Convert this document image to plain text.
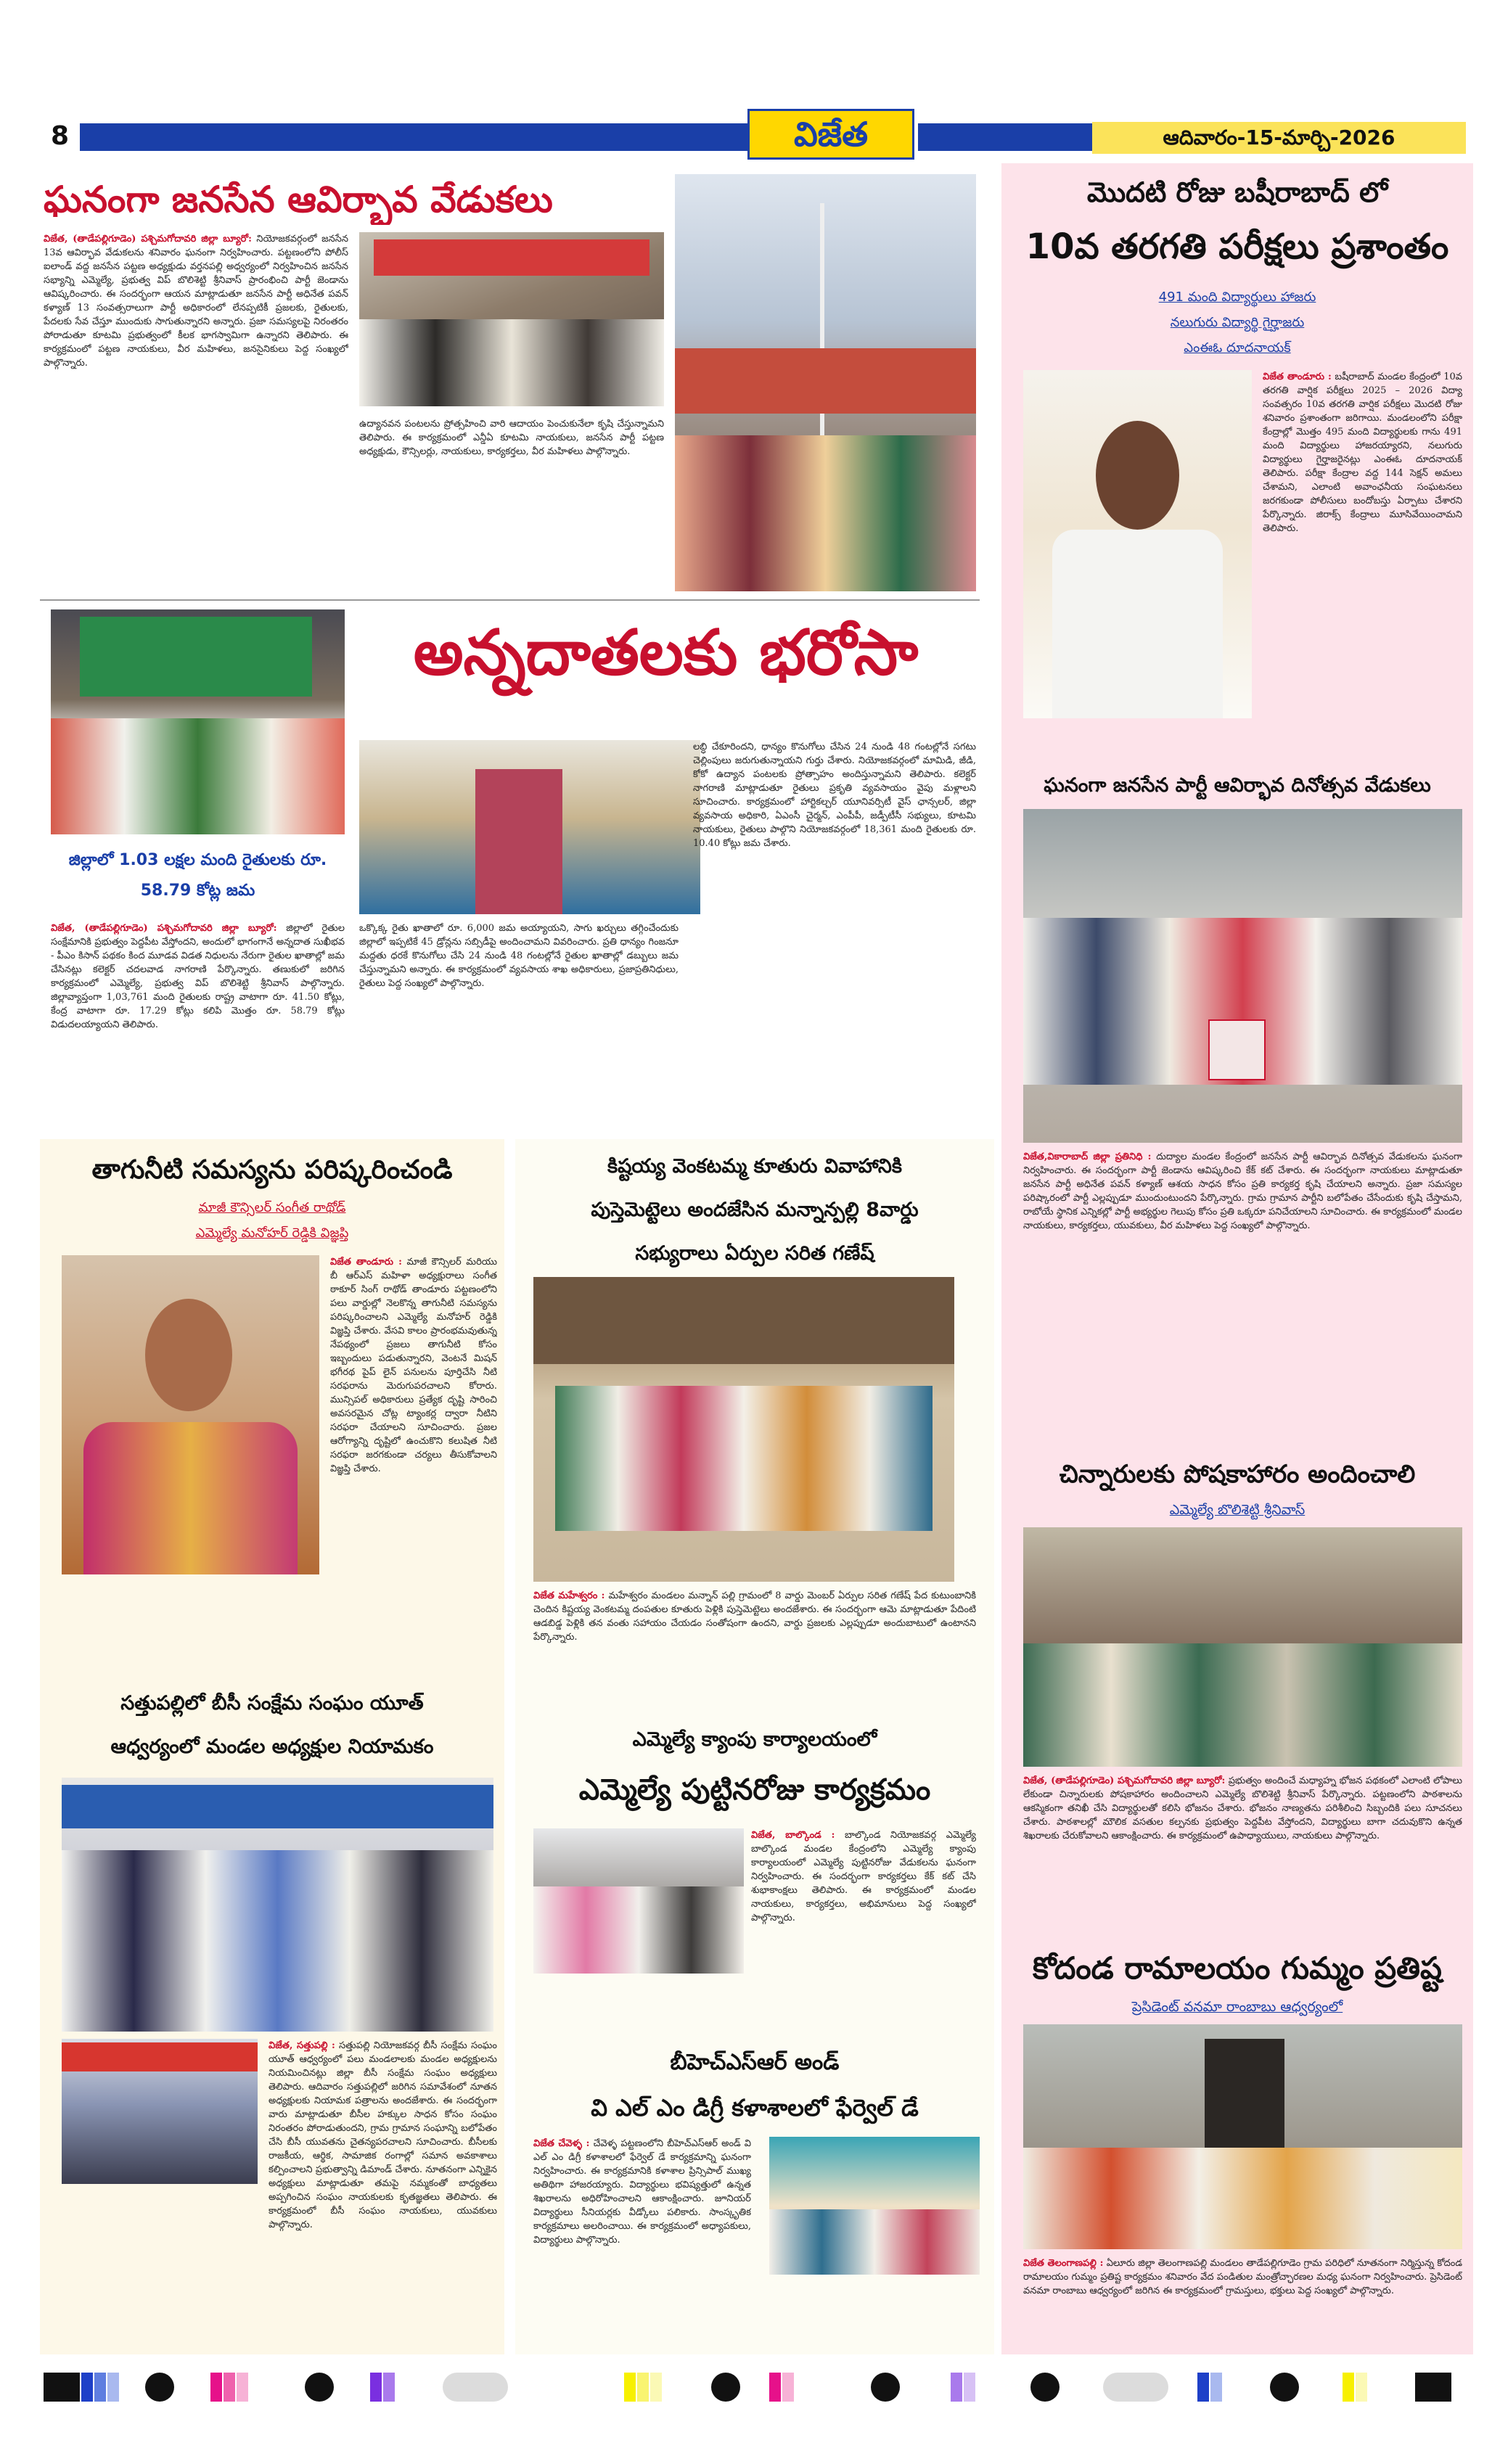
8	విజేత	ఆదివారం-15-మార్చి-2026
ఘనంగా జనసేన ఆవిర్భావ వేడుకలు
విజేత, (తాడేపల్లిగూడెం) పశ్చిమగోదావరి జిల్లా బ్యూరో: నియోజకవర్గంలో జనసేన 13వ ఆవిర్భావ వేడుకలను శనివారం ఘనంగా నిర్వహించారు. పట్టణంలోని పోలీస్ ఐలాండ్ వద్ద జనసేన పట్టణ అధ్యక్షుడు వర్తనపల్లి అధ్వర్యంలో నిర్వహించిన జనసేన సభ్యాన్ని ఎమ్మెల్యే, ప్రభుత్వ విప్ బొలిశెట్టి శ్రీనివాస్ ప్రారంభించి పార్టీ జెండాను ఆవిష్కరించారు. ఈ సందర్భంగా ఆయన మాట్లాడుతూ జనసేన పార్టీ అధినేత పవన్ కళ్యాణ్ 13 సంవత్సరాలుగా పార్టీ అధికారంలో లేనప్పటికీ ప్రజలకు, రైతులకు, పేదలకు సేవ చేస్తూ ముందుకు సాగుతున్నారని అన్నారు. ప్రజా సమస్యలపై నిరంతరం పోరాడుతూ కూటమి ప్రభుత్వంలో కీలక భాగస్వామిగా ఉన్నారని తెలిపారు. ఈ కార్యక్రమంలో పట్టణ నాయకులు, వీర మహిళలు, జనసైనికులు పెద్ద సంఖ్యలో పాల్గొన్నారు.
ఉద్యానవన పంటలను ప్రోత్సహించి వారి ఆదాయం పెంచుకునేలా కృషి చేస్తున్నామని తెలిపారు. ఈ కార్యక్రమంలో ఎన్డీఏ కూటమి నాయకులు, జనసేన పార్టీ పట్టణ అధ్యక్షుడు, కౌన్సిలర్లు, నాయకులు, కార్యకర్తలు, వీర మహిళలు పాల్గొన్నారు.
జిల్లాలో 1.03 లక్షల మంది రైతులకు రూ. 58.79 కోట్ల జమ
అన్నదాతలకు భరోసా
విజేత, (తాడేపల్లిగూడెం) పశ్చిమగోదావరి జిల్లా బ్యూరో: జిల్లాలో రైతుల సంక్షేమానికి ప్రభుత్వం పెద్దపీట వేస్తోందని, అందులో భాగంగానే అన్నదాత సుఖీభవ - పీఎం కిసాన్ పథకం కింద మూడవ విడత నిధులను నేరుగా రైతుల ఖాతాల్లో జమ చేసినట్లు కలెక్టర్ చదలవాడ నాగరాణి పేర్కొన్నారు. తణుకులో జరిగిన కార్యక్రమంలో ఎమ్మెల్యే, ప్రభుత్వ విప్ బొలిశెట్టి శ్రీనివాస్ పాల్గొన్నారు. జిల్లావ్యాప్తంగా 1,03,761 మంది రైతులకు రాష్ట్ర వాటాగా రూ. 41.50 కోట్లు, కేంద్ర వాటాగా రూ. 17.29 కోట్లు కలిపి మొత్తం రూ. 58.79 కోట్లు విడుదలయ్యాయని తెలిపారు.
ఒక్కొక్క రైతు ఖాతాలో రూ. 6,000 జమ అయ్యాయని, సాగు ఖర్చులు తగ్గించేందుకు జిల్లాలో ఇప్పటికే 45 డ్రోన్లను సబ్సిడీపై అందించామని వివరించారు. ప్రతి ధాన్యం గింజనూ మద్దతు ధరకే కొనుగోలు చేసి 24 నుండి 48 గంటల్లోనే రైతుల ఖాతాల్లో డబ్బులు జమ చేస్తున్నామని అన్నారు. ఈ కార్యక్రమంలో వ్యవసాయ శాఖ అధికారులు, ప్రజాప్రతినిధులు, రైతులు పెద్ద సంఖ్యలో పాల్గొన్నారు.
లబ్ధి చేకూరిందని, ధాన్యం కొనుగోలు చేసిన 24 నుండి 48 గంటల్లోనే సగటు చెల్లింపులు జరుగుతున్నాయని గుర్తు చేశారు. నియోజకవర్గంలో మామిడి, జీడి, కోకో ఉద్యాన పంటలకు ప్రోత్సాహం అందిస్తున్నామని తెలిపారు. కలెక్టర్ నాగరాణి మాట్లాడుతూ రైతులు ప్రకృతి వ్యవసాయం వైపు మళ్లాలని సూచించారు. కార్యక్రమంలో హార్టికల్చర్ యూనివర్సిటీ వైస్ ఛాన్సలర్, జిల్లా వ్యవసాయ అధికారి, ఏఎంసీ చైర్మన్, ఎంపీపీ, జడ్పీటీసీ సభ్యులు, కూటమి నాయకులు, రైతులు పాల్గొని నియోజకవర్గంలో 18,361 మంది రైతులకు రూ. 10.40 కోట్లు జమ చేశారు.
మొదటి రోజు బషీరాబాద్ లో
10వ తరగతి పరీక్షలు ప్రశాంతం
491 మంది విద్యార్థులు హాజరు
నలుగురు విద్యార్థి గైర్హాజరు
ఎంఈఓ దూదనాయక్
విజేత తాండూరు : బషీరాబాద్ మండల కేంద్రంలో 10వ తరగతి వార్షిక పరీక్షలు 2025 – 2026 విద్యా సంవత్సరం 10వ తరగతి వార్షిక పరీక్షలు మొదటి రోజు శనివారం ప్రశాంతంగా జరిగాయి. మండలంలోని పరీక్షా కేంద్రాల్లో మొత్తం 495 మంది విద్యార్థులకు గాను 491 మంది విద్యార్థులు హాజరయ్యారని, నలుగురు విద్యార్థులు గైర్హాజరైనట్లు ఎంఈఓ దూదనాయక్ తెలిపారు. పరీక్షా కేంద్రాల వద్ద 144 సెక్షన్ అమలు చేశామని, ఎలాంటి అవాంఛనీయ సంఘటనలు జరగకుండా పోలీసులు బందోబస్తు ఏర్పాటు చేశారని పేర్కొన్నారు. జిరాక్స్ కేంద్రాలు మూసివేయించామని తెలిపారు.
ఘనంగా జనసేన పార్టీ ఆవిర్భావ దినోత్సవ వేడుకలు
విజేత,వికారాబాద్ జిల్లా ప్రతినిధి : దుద్యాల మండల కేంద్రంలో జనసేన పార్టీ ఆవిర్భావ దినోత్సవ వేడుకలను ఘనంగా నిర్వహించారు. ఈ సందర్భంగా పార్టీ జెండాను ఆవిష్కరించి కేక్ కట్ చేశారు. ఈ సందర్భంగా నాయకులు మాట్లాడుతూ జనసేన పార్టీ అధినేత పవన్ కళ్యాణ్ ఆశయ సాధన కోసం ప్రతి కార్యకర్త కృషి చేయాలని అన్నారు. ప్రజా సమస్యల పరిష్కారంలో పార్టీ ఎల్లప్పుడూ ముందుంటుందని పేర్కొన్నారు. గ్రామ గ్రామాన పార్టీని బలోపేతం చేసేందుకు కృషి చేస్తామని, రాబోయే స్థానిక ఎన్నికల్లో పార్టీ అభ్యర్థుల గెలుపు కోసం ప్రతి ఒక్కరూ పనిచేయాలని సూచించారు. ఈ కార్యక్రమంలో మండల నాయకులు, కార్యకర్తలు, యువకులు, వీర మహిళలు పెద్ద సంఖ్యలో పాల్గొన్నారు.
చిన్నారులకు పోషకాహారం అందించాలి
ఎమ్మెల్యే బొలిశెట్టి శ్రీనివాస్
విజేత, (తాడేపల్లిగూడెం) పశ్చిమగోదావరి జిల్లా బ్యూరో: ప్రభుత్వం అందించే మధ్యాహ్న భోజన పథకంలో ఎలాంటి లోపాలు లేకుండా చిన్నారులకు పోషకాహారం అందించాలని ఎమ్మెల్యే బొలిశెట్టి శ్రీనివాస్ పేర్కొన్నారు. పట్టణంలోని పాఠశాలను ఆకస్మికంగా తనిఖీ చేసి విద్యార్థులతో కలిసి భోజనం చేశారు. భోజనం నాణ్యతను పరిశీలించి సిబ్బందికి పలు సూచనలు చేశారు. పాఠశాలల్లో మౌలిక వసతుల కల్పనకు ప్రభుత్వం పెద్దపీట వేస్తోందని, విద్యార్థులు బాగా చదువుకొని ఉన్నత శిఖరాలకు చేరుకోవాలని ఆకాంక్షించారు. ఈ కార్యక్రమంలో ఉపాధ్యాయులు, నాయకులు పాల్గొన్నారు.
కోదండ రామాలయం గుమ్మం ప్రతిష్ట
ప్రెసిడెంట్ వనమా రాంబాబు ఆధ్వర్యంలో
విజేత తెలంగాణపల్లి : ఏలూరు జిల్లా తెలంగాణపల్లి మండలం తాడేపల్లిగూడెం గ్రామ పరిధిలో నూతనంగా నిర్మిస్తున్న కోదండ రామాలయం గుమ్మం ప్రతిష్ట కార్యక్రమం శనివారం వేద పండితుల మంత్రోచ్ఛారణల మధ్య ఘనంగా నిర్వహించారు. ప్రెసిడెంట్ వనమా రాంబాబు ఆధ్వర్యంలో జరిగిన ఈ కార్యక్రమంలో గ్రామస్తులు, భక్తులు పెద్ద సంఖ్యలో పాల్గొన్నారు.
తాగునీటి సమస్యను పరిష్కరించండి
మాజీ కౌన్సిలర్ సంగీత రాథోడ్
ఎమ్మెల్యే మనోహర్ రెడ్డికి విజ్ఞప్తి
విజేత తాండూరు : మాజీ కౌన్సిలర్ మరియు బీ ఆర్ఎస్ మహిళా అధ్యక్షురాలు సంగీత ఠాకూర్ సింగ్ రాథోడ్ తాండూరు పట్టణంలోని పలు వార్డుల్లో నెలకొన్న తాగునీటి సమస్యను పరిష్కరించాలని ఎమ్మెల్యే మనోహర్ రెడ్డికి విజ్ఞప్తి చేశారు. వేసవి కాలం ప్రారంభమవుతున్న నేపథ్యంలో ప్రజలు తాగునీటి కోసం ఇబ్బందులు పడుతున్నారని, వెంటనే మిషన్ భగీరథ పైప్ లైన్ పనులను పూర్తిచేసి నీటి సరఫరాను మెరుగుపరచాలని కోరారు. మున్సిపల్ అధికారులు ప్రత్యేక దృష్టి సారించి అవసరమైన చోట్ల ట్యాంకర్ల ద్వారా నీటిని సరఫరా చేయాలని సూచించారు. ప్రజల ఆరోగ్యాన్ని దృష్టిలో ఉంచుకొని కలుషిత నీటి సరఫరా జరగకుండా చర్యలు తీసుకోవాలని విజ్ఞప్తి చేశారు.
సత్తుపల్లిలో బీసీ సంక్షేమ సంఘం యూత్
ఆధ్వర్యంలో మండల అధ్యక్షుల నియామకం
విజేత, సత్తుపల్లి : సత్తుపల్లి నియోజకవర్గ బీసీ సంక్షేమ సంఘం యూత్ ఆధ్వర్యంలో పలు మండలాలకు మండల అధ్యక్షులను నియమించినట్లు జిల్లా బీసీ సంక్షేమ సంఘం అధ్యక్షులు తెలిపారు. ఆదివారం సత్తుపల్లిలో జరిగిన సమావేశంలో నూతన అధ్యక్షులకు నియామక పత్రాలను అందజేశారు. ఈ సందర్భంగా వారు మాట్లాడుతూ బీసీల హక్కుల సాధన కోసం సంఘం నిరంతరం పోరాడుతుందని, గ్రామ గ్రామాన సంఘాన్ని బలోపేతం చేసి బీసీ యువతను చైతన్యపరచాలని సూచించారు. బీసీలకు రాజకీయ, ఆర్థిక, సామాజిక రంగాల్లో సమాన అవకాశాలు కల్పించాలని ప్రభుత్వాన్ని డిమాండ్ చేశారు. నూతనంగా ఎన్నికైన అధ్యక్షులు మాట్లాడుతూ తమపై నమ్మకంతో బాధ్యతలు అప్పగించిన సంఘం నాయకులకు కృతజ్ఞతలు తెలిపారు. ఈ కార్యక్రమంలో బీసీ సంఘం నాయకులు, యువకులు పాల్గొన్నారు.
కిష్టయ్య వెంకటమ్మ కూతురు వివాహానికి
పుస్తెమెట్టెలు అందజేసిన మన్నాన్పల్లి 8వార్డు
సభ్యురాలు ఏర్పుల సరిత గణేష్
విజేత మహేశ్వరం : మహేశ్వరం మండలం మన్నాన్ పల్లి గ్రామంలో 8 వార్డు మెంబర్ ఏర్పుల సరిత గణేష్ పేద కుటుంబానికి చెందిన కిష్టయ్య వెంకటమ్మ దంపతుల కూతురు పెళ్లికి పుస్తెమెట్టెలు అందజేశారు. ఈ సందర్భంగా ఆమె మాట్లాడుతూ పేదింటి ఆడబిడ్డ పెళ్లికి తన వంతు సహాయం చేయడం సంతోషంగా ఉందని, వార్డు ప్రజలకు ఎల్లప్పుడూ అందుబాటులో ఉంటానని పేర్కొన్నారు.
ఎమ్మెల్యే క్యాంపు కార్యాలయంలో
ఎమ్మెల్యే పుట్టినరోజు కార్యక్రమం
విజేత, బాల్కొండ : బాల్కొండ నియోజకవర్గ ఎమ్మెల్యే బాల్కొండ మండల కేంద్రంలోని ఎమ్మెల్యే క్యాంపు కార్యాలయంలో ఎమ్మెల్యే పుట్టినరోజు వేడుకలను ఘనంగా నిర్వహించారు. ఈ సందర్భంగా కార్యకర్తలు కేక్ కట్ చేసి శుభాకాంక్షలు తెలిపారు. ఈ కార్యక్రమంలో మండల నాయకులు, కార్యకర్తలు, అభిమానులు పెద్ద సంఖ్యలో పాల్గొన్నారు.
బీహెచ్ఎస్ఆర్ అండ్
వి ఎల్ ఎం డిగ్రీ కళాశాలలో ఫేర్వెల్ డే
విజేత చేవెళ్ళ : చేవెళ్ళ పట్టణంలోని బీహెచ్ఎస్ఆర్ అండ్ వి ఎల్ ఎం డిగ్రీ కళాశాలలో ఫేర్వెల్ డే కార్యక్రమాన్ని ఘనంగా నిర్వహించారు. ఈ కార్యక్రమానికి కళాశాల ప్రిన్సిపాల్ ముఖ్య అతిథిగా హాజరయ్యారు. విద్యార్థులు భవిష్యత్తులో ఉన్నత శిఖరాలను అధిరోహించాలని ఆకాంక్షించారు. జూనియర్ విద్యార్థులు సీనియర్లకు వీడ్కోలు పలికారు. సాంస్కృతిక కార్యక్రమాలు అలరించాయి. ఈ కార్యక్రమంలో అధ్యాపకులు, విద్యార్థులు పాల్గొన్నారు.
